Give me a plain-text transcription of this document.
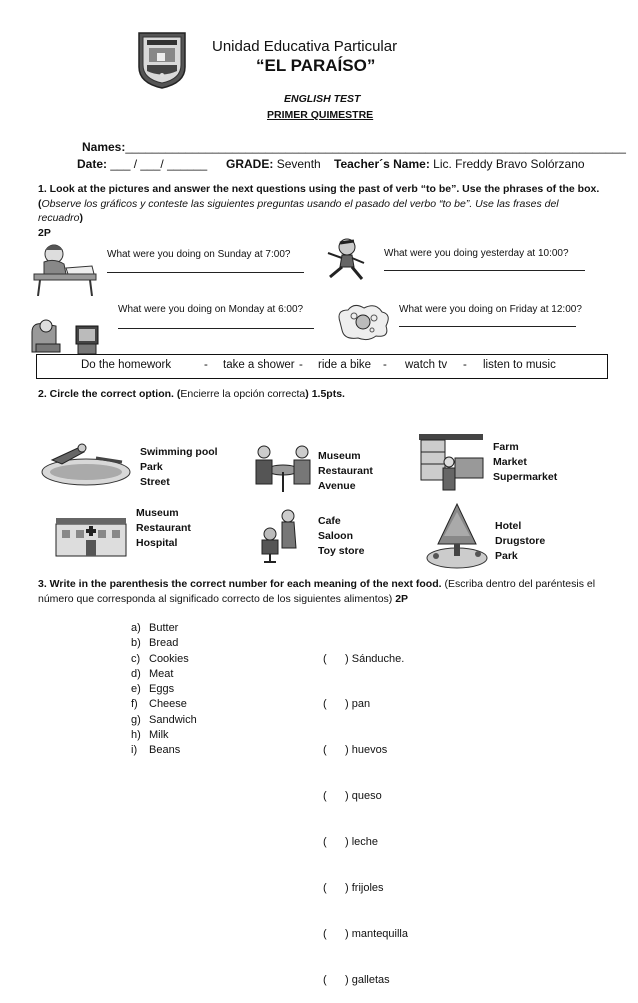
Unidad Educativa Particular
“EL PARAÍSO”
ENGLISH TEST
PRIMER QUIMESTRE
Names:___________________________________________________________________________
Date: ___ / ___/ ______ GRADE: Seventh Teacher´s Name: Lic. Freddy Bravo Solórzano
1. Look at the pictures and answer the next questions using the past of verb “to be”. Use the phrases of the box.
(Observe los gráficos y conteste las siguientes preguntas usando el pasado del verbo “to be”. Use las frases del recuadro)
2P
What were you doing on Sunday at 7:00?	What were you doing yesterday at 10:00?
What were you doing on Monday at 6:00?	What were you doing on Friday at 12:00?
Do the homework	- take a shower - ride a bike - watch tv - listen to music
2. Circle the correct option. (Encierre la opción correcta) 1.5pts.
Swimming pool
Park
Street
Museum
Restaurant
Avenue
Farm
Market
Supermarket
Museum
Restaurant
Hospital
Cafe
Saloon
Toy store
Hotel
Drugstore
Park
3. Write in the parenthesis the correct number for each meaning of the next food. (Escriba dentro del paréntesis el número que corresponda al significado correcto de los siguientes alimentos) 2P
a) Butter
b) Bread
c) Cookies
d) Meat
e) Eggs
f) Cheese
g) Sandwich
h) Milk
i) Beans

(      ) Sánduche.

(      ) pan

(      ) huevos

(      ) queso

(      ) leche

(      ) frijoles

(      ) mantequilla

(      ) galletas
